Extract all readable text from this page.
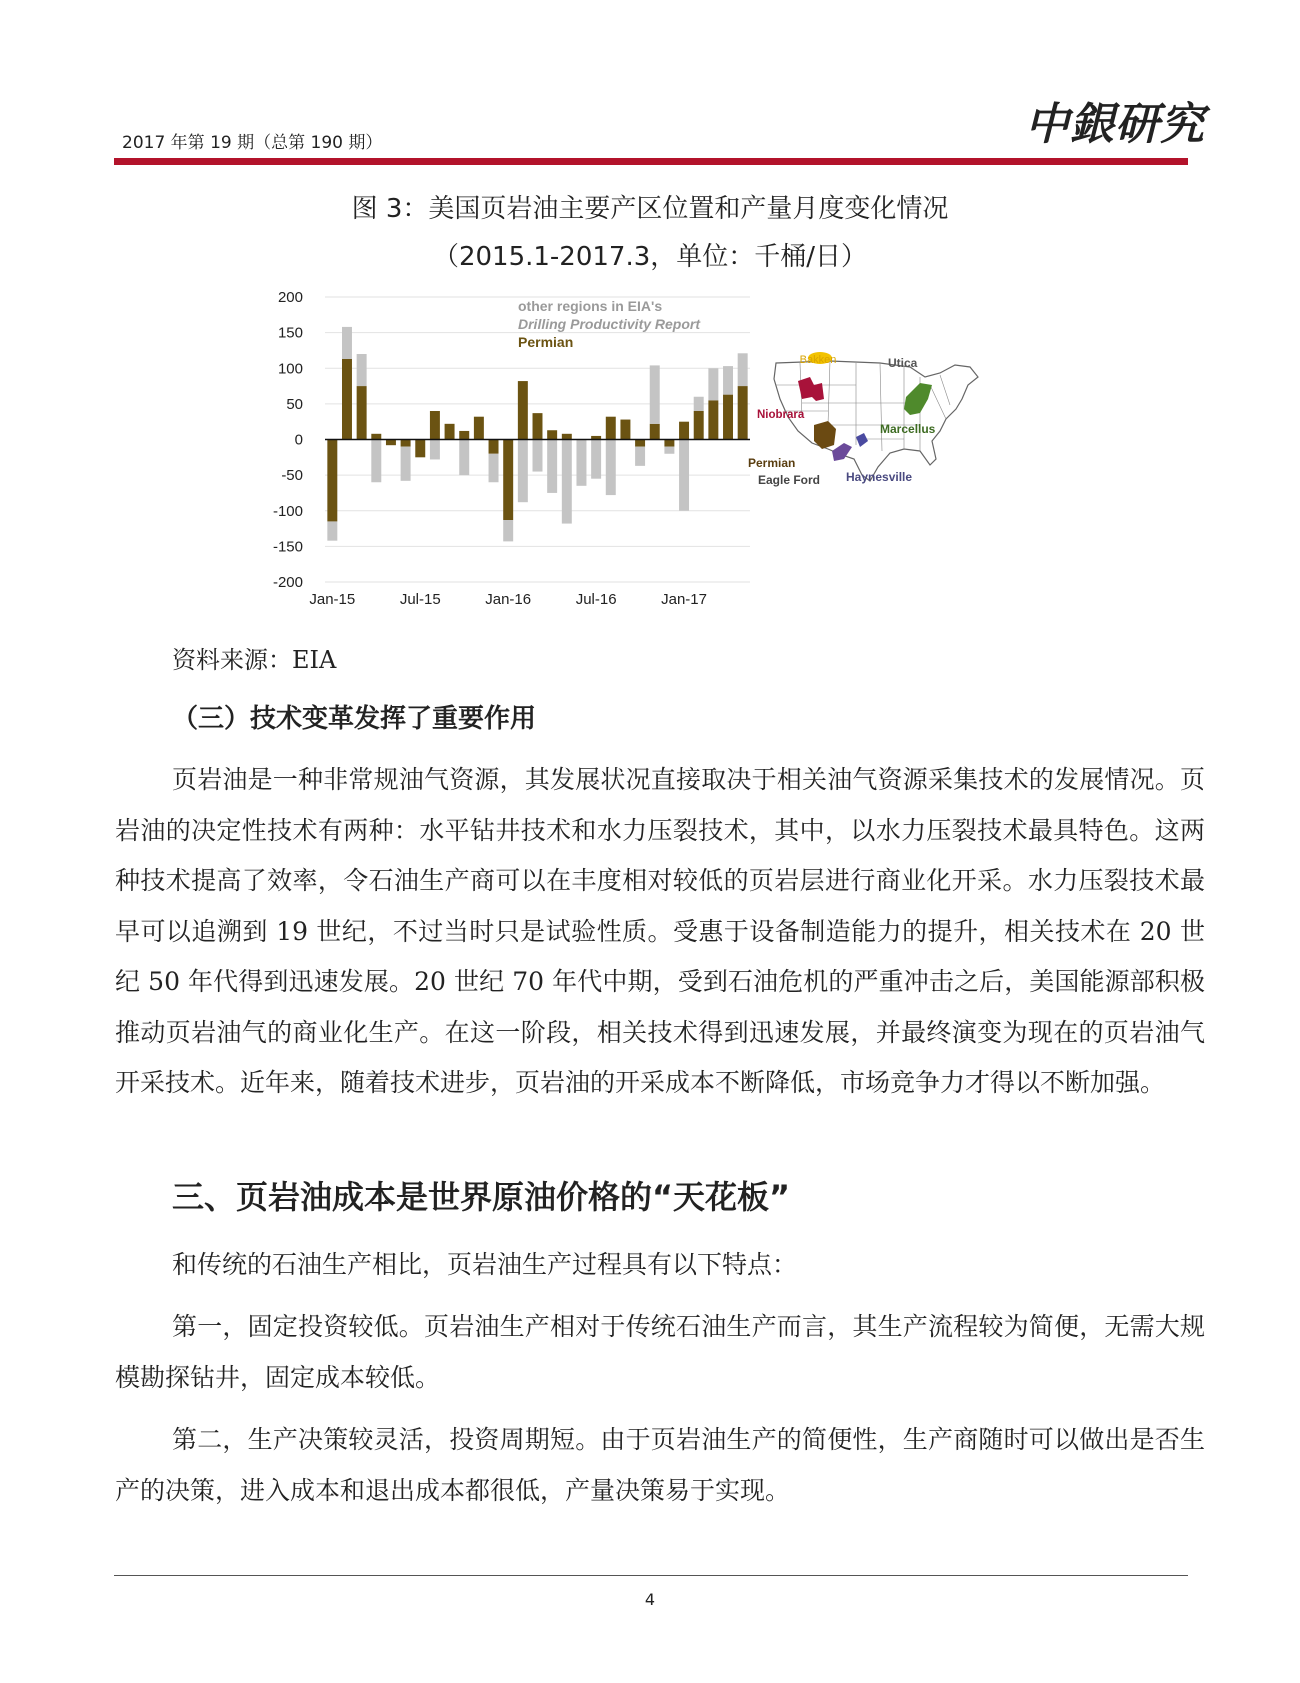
2017 年第 19 期（总第 190 期）	中銀研究
图 3：美国页岩油主要产区位置和产量月度变化情况
（2015.1-2017.3，单位：千桶/日）
200
150
100
50
0
-50
-100
-150
-200
Jan-15	Jul-15	Jan-16	Jul-16	Jan-17
other regions in EIA's
Drilling Productivity Report
Permian
Bakken	Utica
Niobrara
Marcellus
Permian
Eagle Ford Haynesville
资料来源：EIA
（三）技术变革发挥了重要作用

页岩油是一种非常规油气资源，其发展状况直接取决于相关油气资源采集技术的发展情况。页岩油的决定性技术有两种：水平钻井技术和水力压裂技术，其中，以水力压裂技术最具特色。这两种技术提高了效率，令石油生产商可以在丰度相对较低的页岩层进行商业化开采。水力压裂技术最早可以追溯到 19 世纪，不过当时只是试验性质。受惠于设备制造能力的提升，相关技术在 20 世纪 50 年代得到迅速发展。20 世纪 70 年代中期，受到石油危机的严重冲击之后，美国能源部积极推动页岩油气的商业化生产。在这一阶段，相关技术得到迅速发展，并最终演变为现在的页岩油气开采技术。近年来，随着技术进步，页岩油的开采成本不断降低，市场竞争力才得以不断加强。

三、页岩油成本是世界原油价格的“天花板”

和传统的石油生产相比，页岩油生产过程具有以下特点：

第一，固定投资较低。页岩油生产相对于传统石油生产而言，其生产流程较为简便，无需大规模勘探钻井，固定成本较低。

第二，生产决策较灵活，投资周期短。由于页岩油生产的简便性，生产商随时可以做出是否生产的决策，进入成本和退出成本都很低，产量决策易于实现。

4
